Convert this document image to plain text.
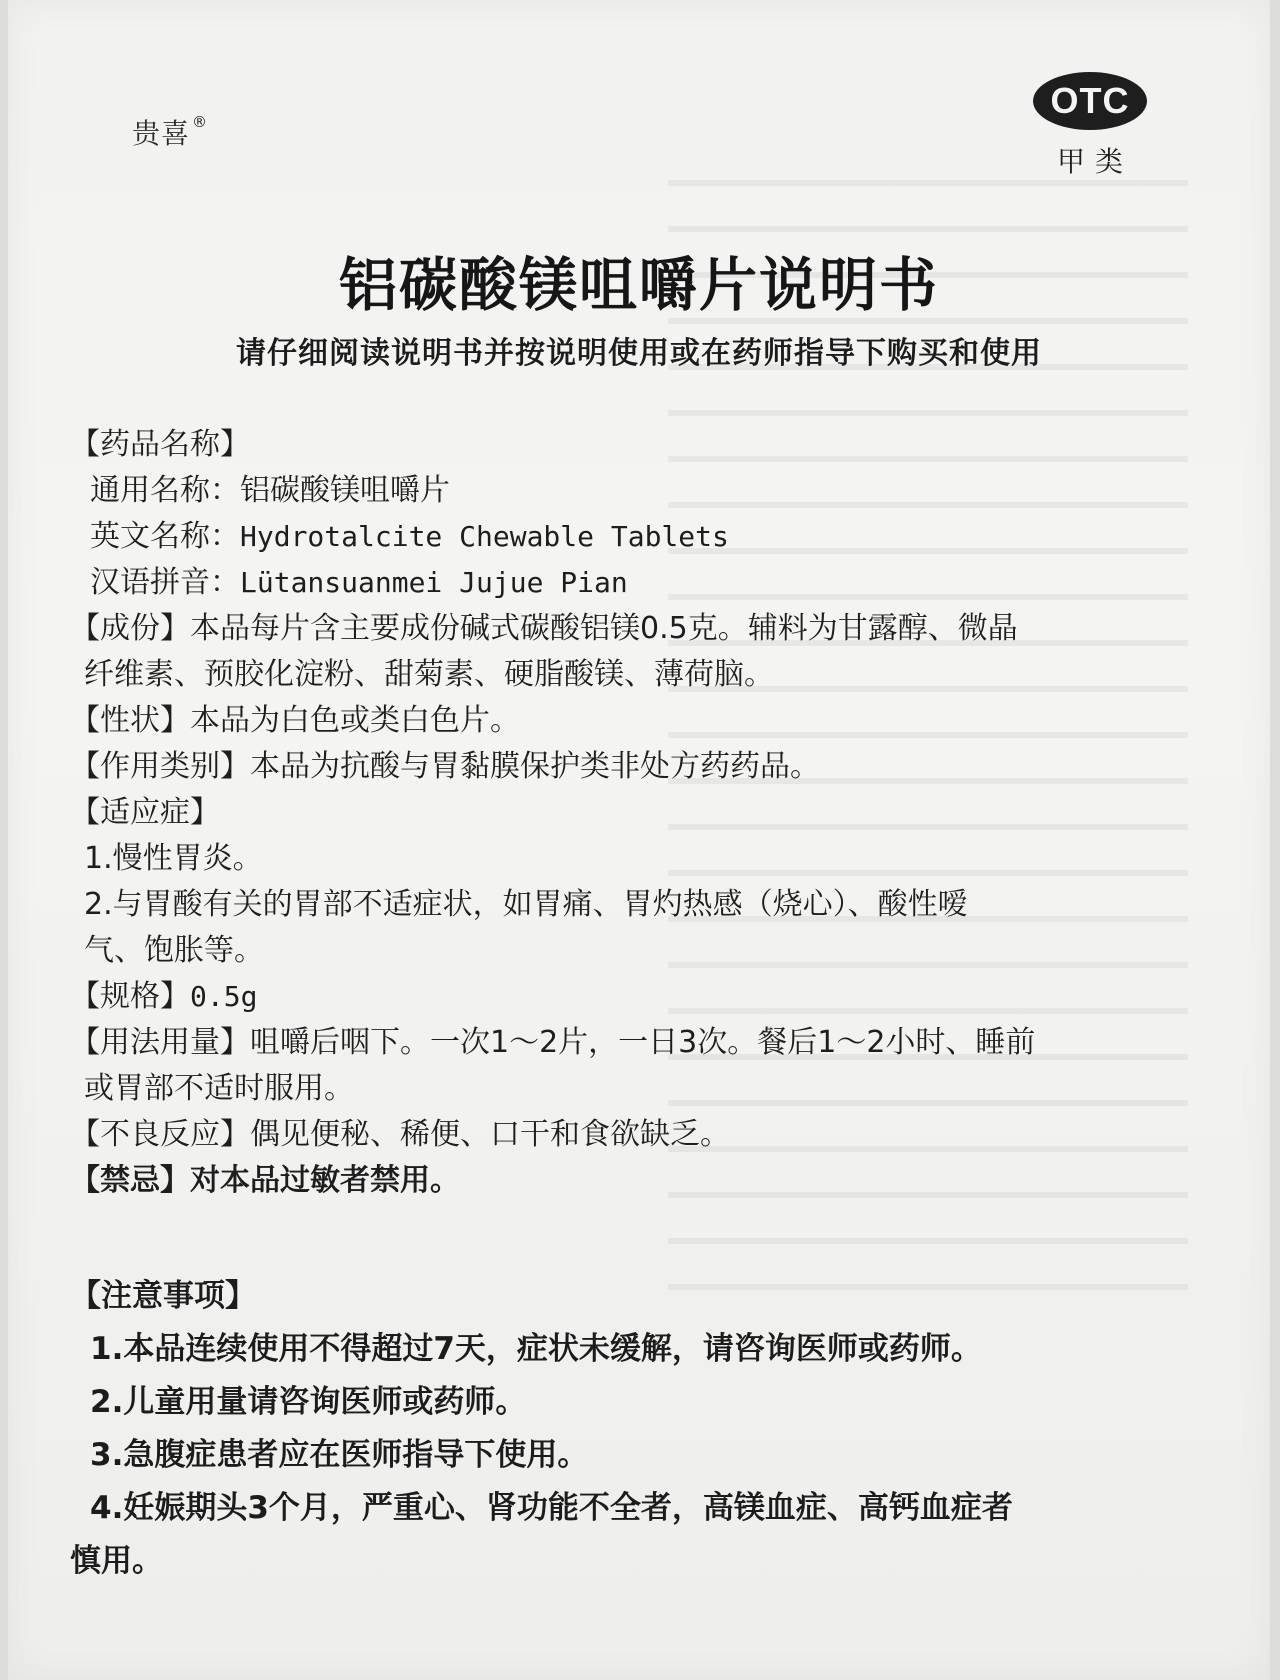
贵喜 ®
OTC
甲类
铝碳酸镁咀嚼片说明书
请仔细阅读说明书并按说明使用或在药师指导下购买和使用
【药品名称】
通用名称：铝碳酸镁咀嚼片
英文名称：Hydrotalcite Chewable Tablets
汉语拼音：Lütansuanmei Jujue Pian
【成份】本品每片含主要成份碱式碳酸铝镁0.5克。辅料为甘露醇、微晶
纤维素、预胶化淀粉、甜菊素、硬脂酸镁、薄荷脑。
【性状】本品为白色或类白色片。
【作用类别】本品为抗酸与胃黏膜保护类非处方药药品。
【适应症】
1.慢性胃炎。
2.与胃酸有关的胃部不适症状，如胃痛、胃灼热感（烧心）、酸性嗳
气、饱胀等。
【规格】0.5g
【用法用量】咀嚼后咽下。一次1～2片，一日3次。餐后1～2小时、睡前
或胃部不适时服用。
【不良反应】偶见便秘、稀便、口干和食欲缺乏。
【禁忌】对本品过敏者禁用。
【注意事项】
1.本品连续使用不得超过7天，症状未缓解，请咨询医师或药师。
2.儿童用量请咨询医师或药师。
3.急腹症患者应在医师指导下使用。
4.妊娠期头3个月，严重心、肾功能不全者，高镁血症、高钙血症者
慎用。
